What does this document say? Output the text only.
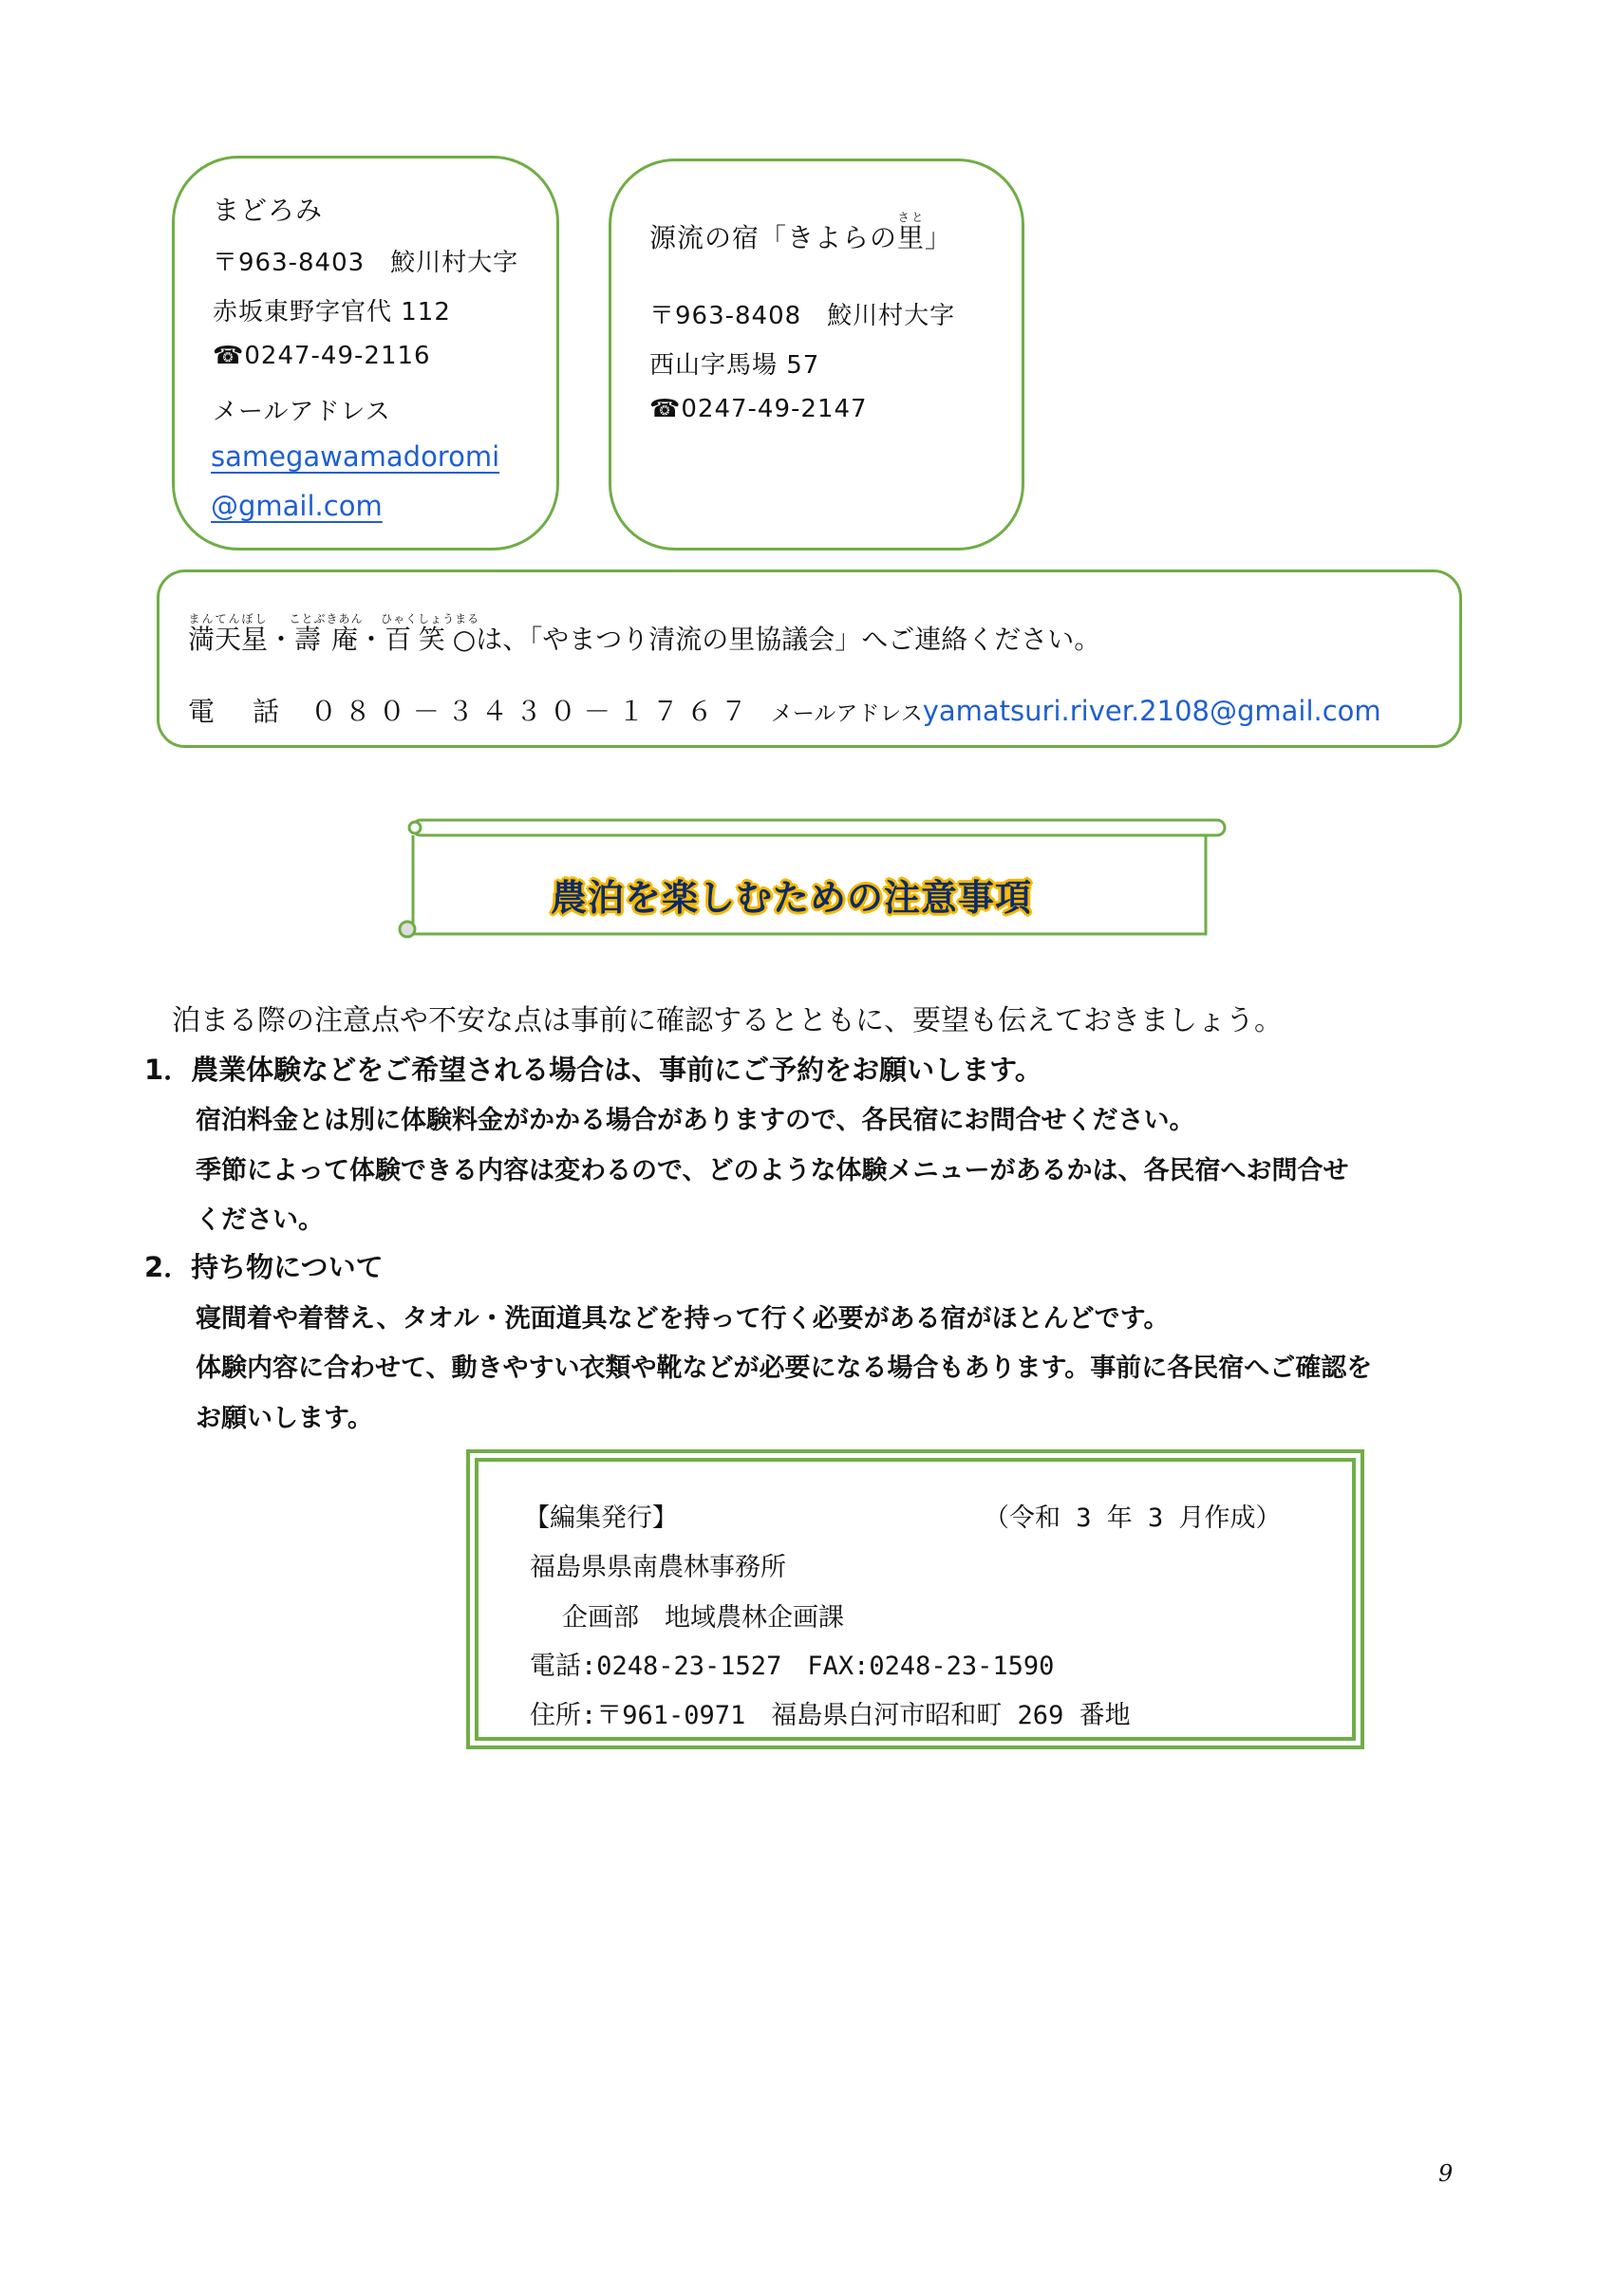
まどろみ
〒963-8403　鮫川村大字
赤坂東野字官代 112
☎0247-49-2116
メールアドレス
samegawamadoromi
@gmail.com
源流の宿「きよらの里さと」
〒963-8408　鮫川村大字
西山字馬場 57
☎0247-49-2147
満天星まんてんぼし・壽庵ことぶきあん・百笑○ひゃくしょうまるは、「やまつり清流の里協議会」へご連絡ください。
電　話 ０８０－３４３０－１７６７ メールアドレスyamatsuri.river.2108@gmail.com
農泊を楽しむための注意事項
泊まる際の注意点や不安な点は事前に確認するとともに、要望も伝えておきましょう。
1．農業体験などをご希望される場合は、事前にご予約をお願いします。
宿泊料金とは別に体験料金がかかる場合がありますので、各民宿にお問合せください。
季節によって体験できる内容は変わるので、どのような体験メニューがあるかは、各民宿へお問合せ
ください。
2．持ち物について
寝間着や着替え、タオル・洗面道具などを持って行く必要がある宿がほとんどです。
体験内容に合わせて、動きやすい衣類や靴などが必要になる場合もあります。事前に各民宿へご確認を
お願いします。
【編集発行】	（令和 3 年 3 月作成）
福島県県南農林事務所
企画部　地域農林企画課
電話:0248-23-1527　FAX:0248-23-1590
住所:〒961-0971　福島県白河市昭和町 269 番地
9
